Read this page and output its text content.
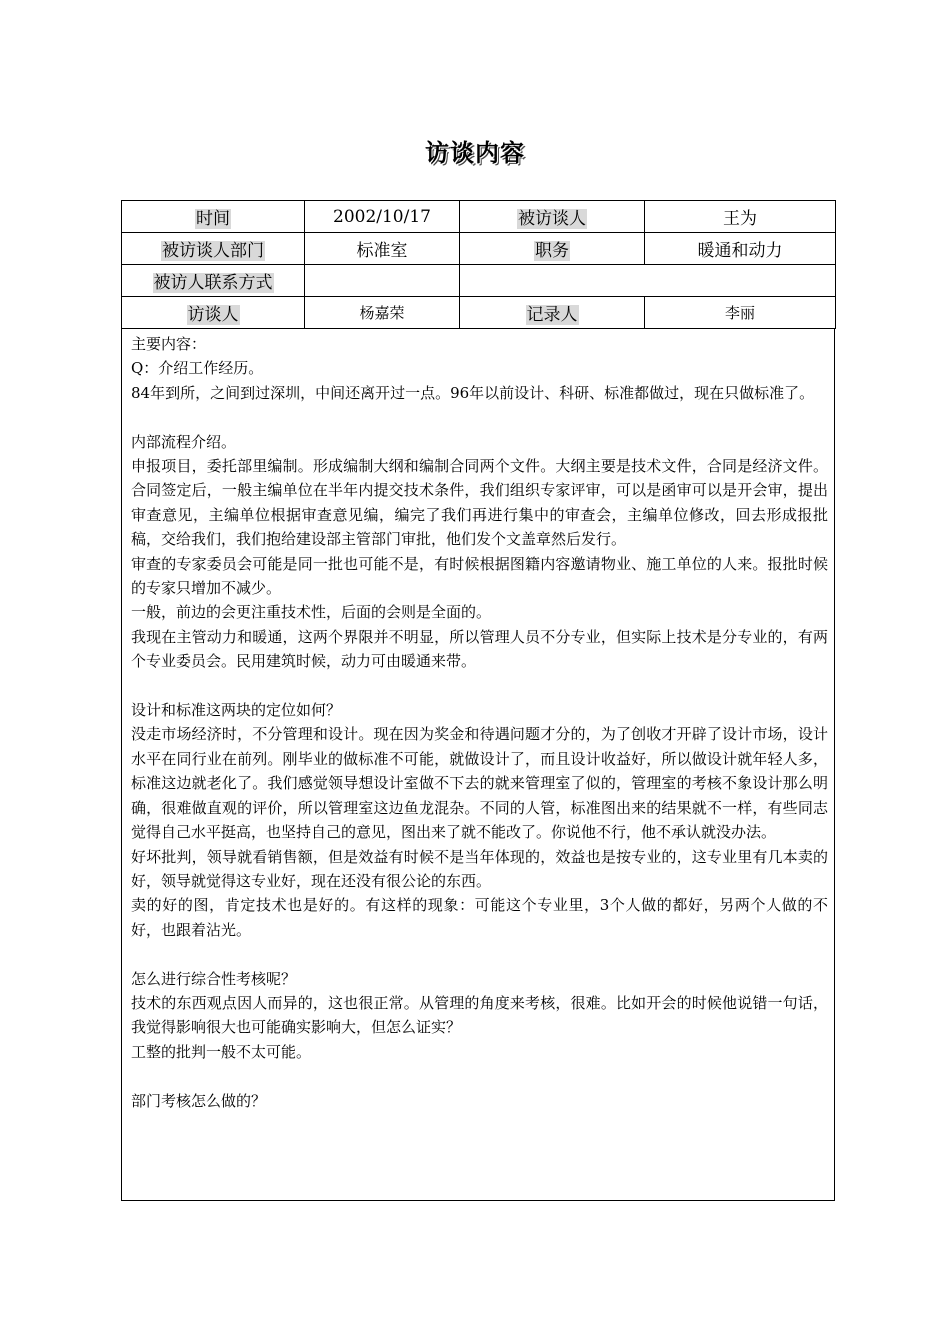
访谈内容
时间	2002/10/17	被访谈人	王为
被访谈人部门	标准室	职务	暖通和动力
被访人联系方式			
访谈人	杨嘉荣	记录人	李丽

主要内容：

Q：介绍工作经历。

84年到所，之间到过深圳，中间还离开过一点。96年以前设计、科研、标准都做过，现在只做标准了。

内部流程介绍。

申报项目，委托部里编制。形成编制大纲和编制合同两个文件。大纲主要是技术文件，合同是经济文件。合同签定后，一般主编单位在半年内提交技术条件，我们组织专家评审，可以是函审可以是开会审，提出审查意见，主编单位根据审查意见编，编完了我们再进行集中的审查会，主编单位修改，回去形成报批稿，交给我们，我们抱给建设部主管部门审批，他们发个文盖章然后发行。

审查的专家委员会可能是同一批也可能不是，有时候根据图籍内容邀请物业、施工单位的人来。报批时候的专家只增加不减少。

一般，前边的会更注重技术性，后面的会则是全面的。

我现在主管动力和暖通，这两个界限并不明显，所以管理人员不分专业，但实际上技术是分专业的，有两个专业委员会。民用建筑时候，动力可由暖通来带。

设计和标准这两块的定位如何？

没走市场经济时，不分管理和设计。现在因为奖金和待遇问题才分的，为了创收才开辟了设计市场，设计水平在同行业在前列。刚毕业的做标准不可能，就做设计了，而且设计收益好，所以做设计就年轻人多，标准这边就老化了。我们感觉领导想设计室做不下去的就来管理室了似的，管理室的考核不象设计那么明确，很难做直观的评价，所以管理室这边鱼龙混杂。不同的人管，标准图出来的结果就不一样，有些同志觉得自己水平挺高，也坚持自己的意见，图出来了就不能改了。你说他不行，他不承认就没办法。

好坏批判，领导就看销售额，但是效益有时候不是当年体现的，效益也是按专业的，这专业里有几本卖的好，领导就觉得这专业好，现在还没有很公论的东西。

卖的好的图，肯定技术也是好的。有这样的现象：可能这个专业里，3个人做的都好，另两个人做的不好，也跟着沾光。

怎么进行综合性考核呢？

技术的东西观点因人而异的，这也很正常。从管理的角度来考核，很难。比如开会的时候他说错一句话，我觉得影响很大也可能确实影响大，但怎么证实？

工整的批判一般不太可能。

部门考核怎么做的？
